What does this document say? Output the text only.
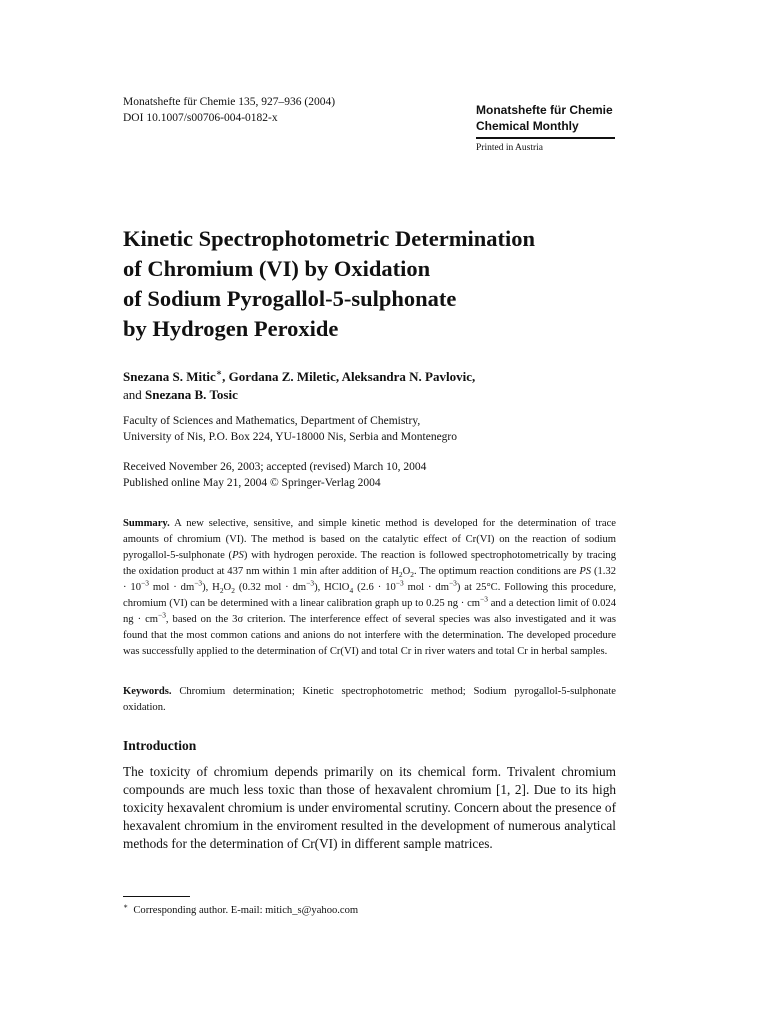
Monatshefte für Chemie 135, 927–936 (2004)
DOI 10.1007/s00706-004-0182-x
Monatshefte für Chemie
Chemical Monthly
Printed in Austria
Kinetic Spectrophotometric Determination
of Chromium (VI) by Oxidation
of Sodium Pyrogallol-5-sulphonate
by Hydrogen Peroxide
Snezana S. Mitic∗, Gordana Z. Miletic, Aleksandra N. Pavlovic,
and Snezana B. Tosic
Faculty of Sciences and Mathematics, Department of Chemistry,
University of Nis, P.O. Box 224, YU-18000 Nis, Serbia and Montenegro
Received November 26, 2003; accepted (revised) March 10, 2004
Published online May 21, 2004 © Springer-Verlag 2004
Summary. A new selective, sensitive, and simple kinetic method is developed for the determination of trace amounts of chromium (VI). The method is based on the catalytic effect of Cr(VI) on the reaction of sodium pyrogallol-5-sulphonate (PS) with hydrogen peroxide. The reaction is followed spectrophotometrically by tracing the oxidation product at 437 nm within 1 min after addition of $H_2O_2$. The optimum reaction conditions are PS ($1.32 \cdot 10^{-3}$ mol · $dm^{-3}$), $H_2O_2$ (0.32 mol · $dm^{-3}$), HClO$_4$ ($2.6 \cdot 10^{-3}$ mol · $dm^{-3}$) at 25°C. Following this procedure, chromium (VI) can be determined with a linear calibration graph up to 0.25 ng · $cm^{-3}$ and a detection limit of 0.024 ng · $cm^{-3}$, based on the 3σ criterion. The interference effect of several species was also investigated and it was found that the most common cations and anions do not interfere with the determination. The developed procedure was successfully applied to the determination of Cr(VI) and total Cr in river waters and total Cr in herbal samples.
Keywords. Chromium determination; Kinetic spectrophotometric method; Sodium pyrogallol-5-sulphonate oxidation.
Introduction
The toxicity of chromium depends primarily on its chemical form. Trivalent chromium compounds are much less toxic than those of hexavalent chromium [1, 2]. Due to its high toxicity hexavalent chromium is under enviromental scrutiny. Concern about the presence of hexavalent chromium in the enviroment resulted in the development of numerous analytical methods for the determination of Cr(VI) in different sample matrices.
∗ Corresponding author. E-mail: mitich_s@yahoo.com
